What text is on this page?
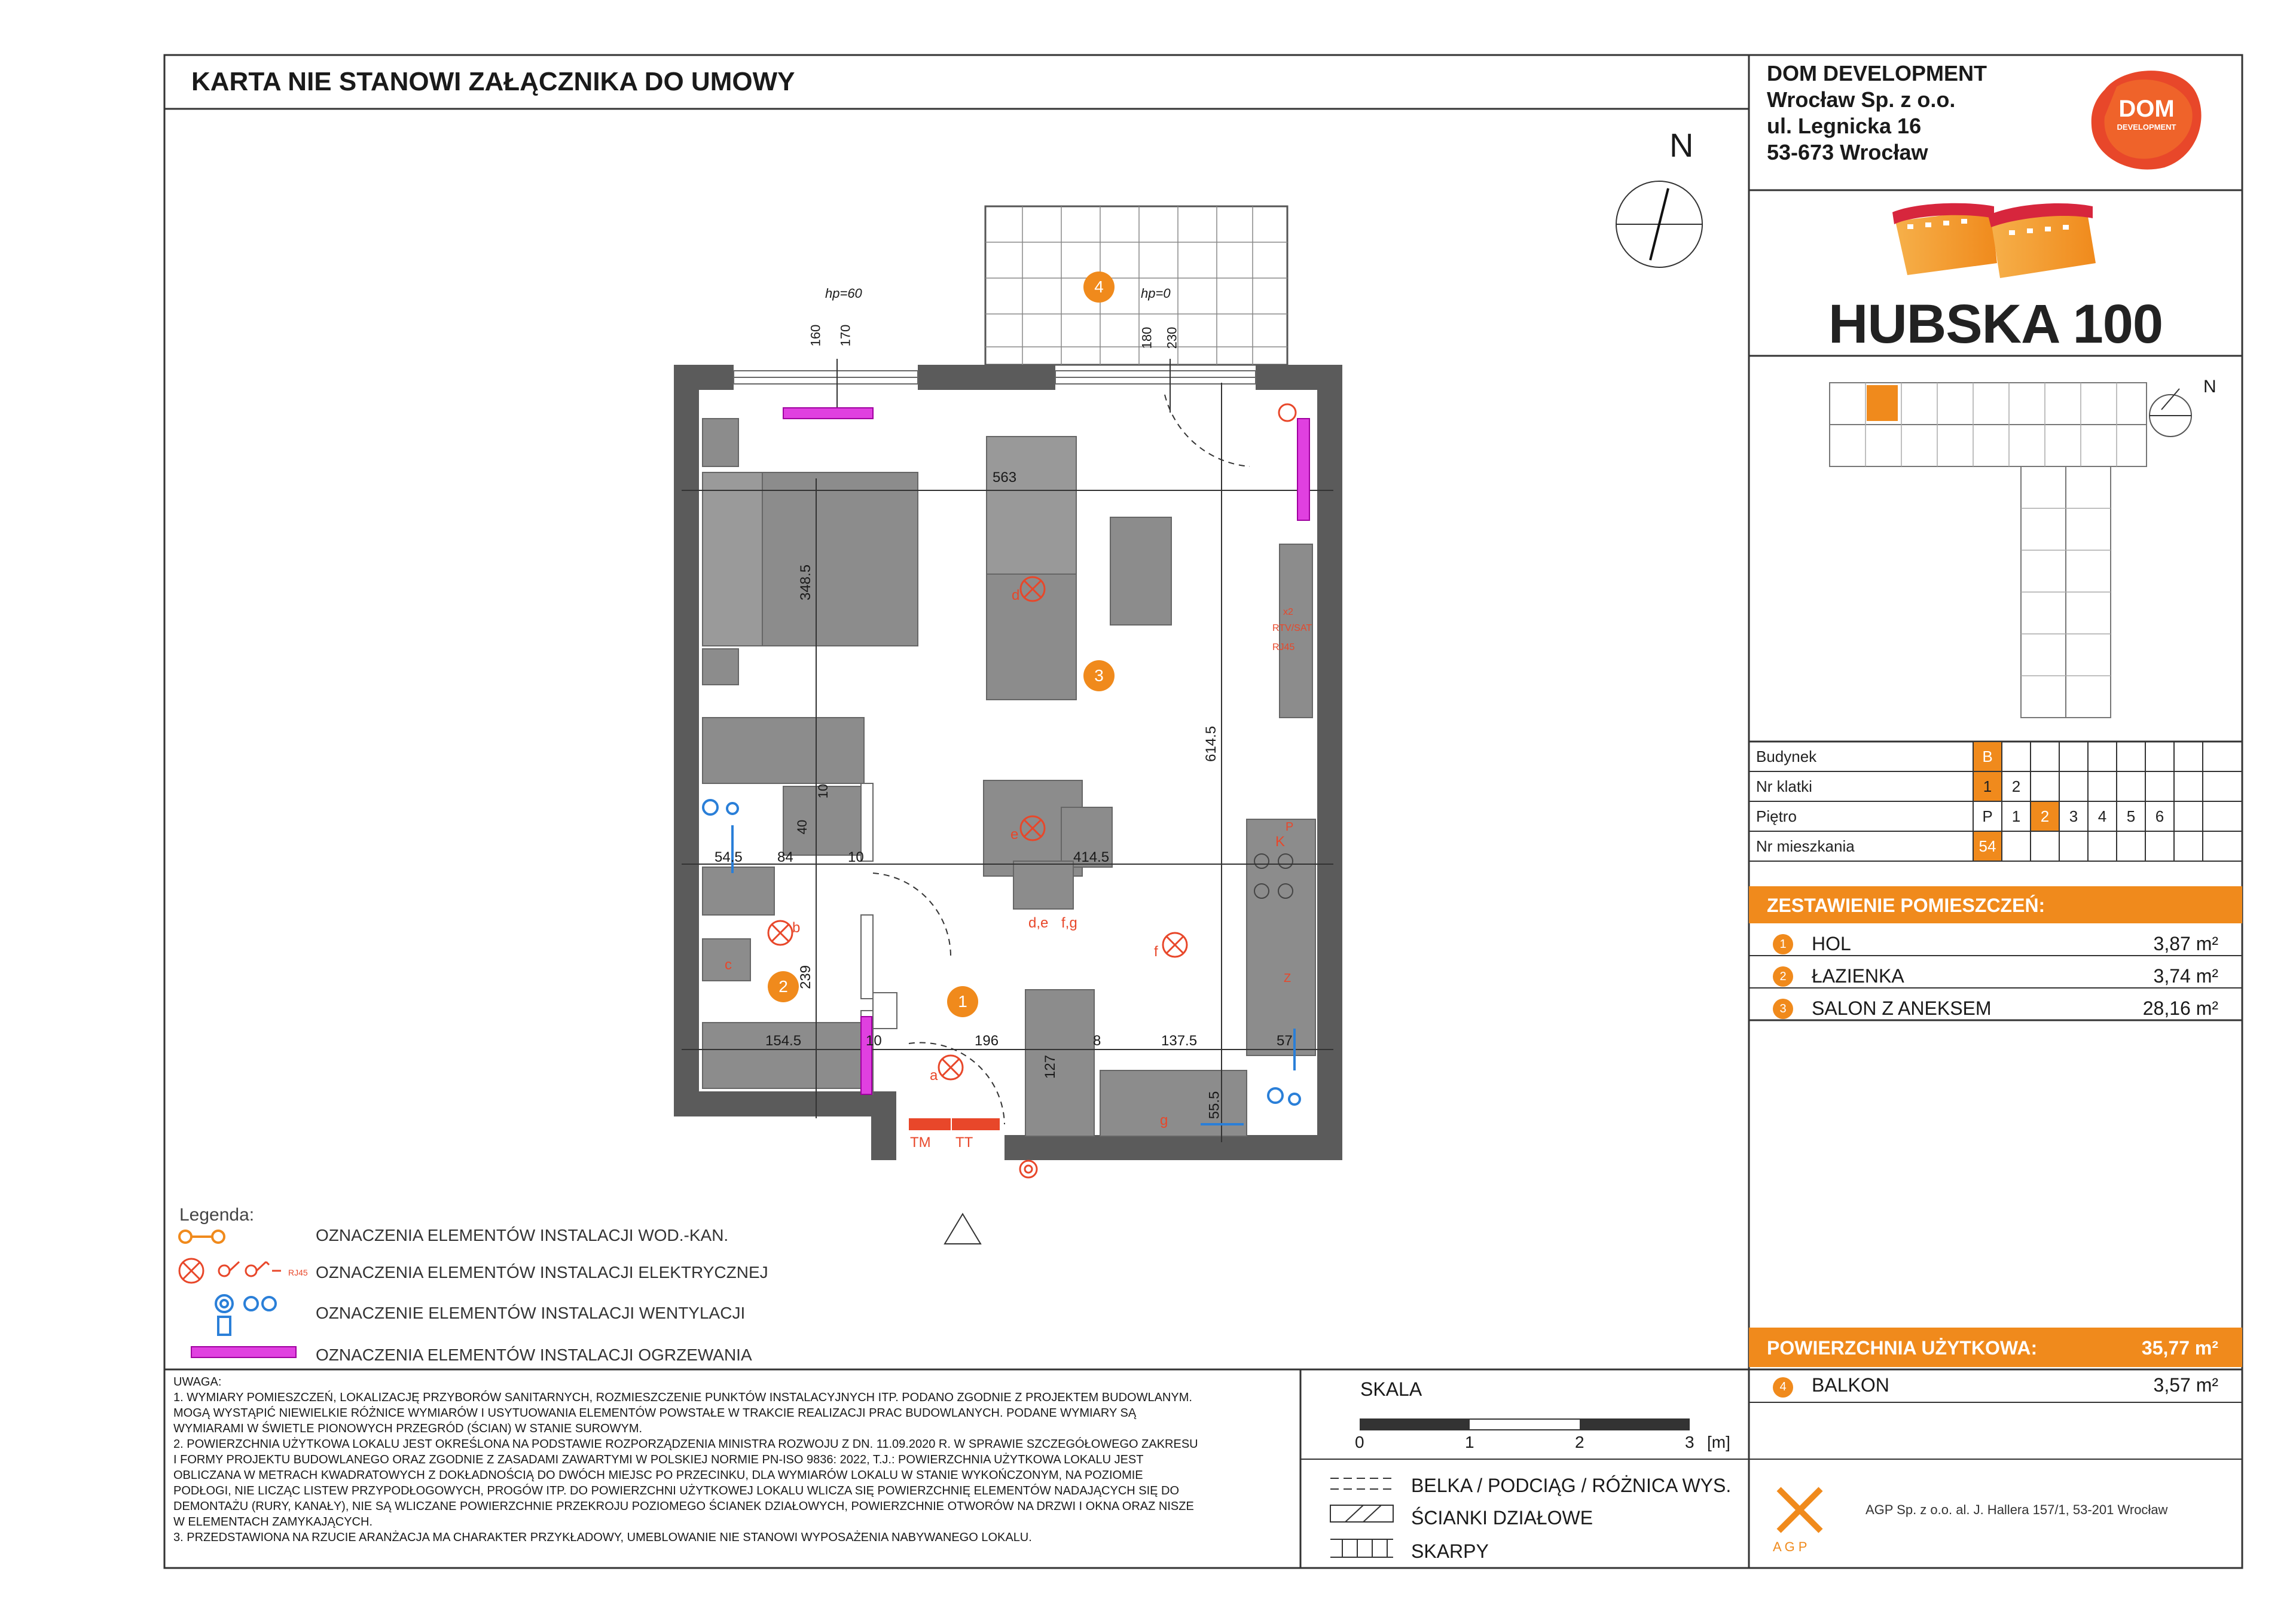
KARTA NIE STANOWI ZAŁĄCZNIKA DO UMOWY	DOM DEVELOPMENT
Wrocław Sp. z o.o.
ul. Legnicka 16
53-673 Wrocław
DOM
DEVELOPMENT
HUBSKA 100
N
Budynek	B
Nr klatki	1 2
Piętro	P 1 2 3 4 5 6
Nr mieszkania	54
ZESTAWIENIE POMIESZCZEŃ:
1 HOL	3,87 m²
2 ŁAZIENKA	3,74 m²
3 SALON Z ANEKSEM	28,16 m²
POWIERZCHNIA UŻYTKOWA:	35,77 m²
4 BALKON	3,57 m²
N
4
3
2
1
hp=60	hp=0
160 170	180 230
563
348.5
614.5
54.5 84	10	414.5
40
10
239
154.5	10	196	8	137.5	57
127
55.5
TM TT
RTV/SAT
RJ45
d
e
f
b
a
c
g
d,e f,g
K
Z
P
x2
Legenda:
RJ45
OZNACZENIA ELEMENTÓW INSTALACJI WOD.-KAN.
OZNACZENIA ELEMENTÓW INSTALACJI ELEKTRYCZNEJ
OZNACZENIE ELEMENTÓW INSTALACJI WENTYLACJI
OZNACZENIA ELEMENTÓW INSTALACJI OGRZEWANIA
UWAGA:
1. WYMIARY POMIESZCZEŃ, LOKALIZACJĘ PRZYBORÓW SANITARNYCH, ROZMIESZCZENIE PUNKTÓW INSTALACYJNYCH ITP. PODANO ZGODNIE Z PROJEKTEM BUDOWLANYM.
MOGĄ WYSTĄPIĆ NIEWIELKIE RÓŻNICE WYMIARÓW I USYTUOWANIA ELEMENTÓW POWSTAŁE W TRAKCIE REALIZACJI PRAC BUDOWLANYCH. PODANE WYMIARY SĄ
WYMIARAMI W ŚWIETLE PIONOWYCH PRZEGRÓD (ŚCIAN) W STANIE SUROWYM.
2. POWIERZCHNIA UŻYTKOWA LOKALU JEST OKREŚLONA NA PODSTAWIE ROZPORZĄDZENIA MINISTRA ROZWOJU Z DN. 11.09.2020 R. W SPRAWIE SZCZEGÓŁOWEGO ZAKRESU
I FORMY PROJEKTU BUDOWLANEGO ORAZ ZGODNIE Z ZASADAMI ZAWARTYMI W POLSKIEJ NORMIE PN-ISO 9836: 2022, T.J.: POWIERZCHNIA UŻYTKOWA LOKALU JEST
OBLICZANA W METRACH KWADRATOWYCH Z DOKŁADNOŚCIĄ DO DWÓCH MIEJSC PO PRZECINKU, DLA WYMIARÓW LOKALU W STANIE WYKOŃCZONYM, NA POZIOMIE
PODŁOGI, NIE LICZĄC LISTEW PRZYPODŁOGOWYCH, PROGÓW ITP. DO POWIERZCHNI UŻYTKOWEJ LOKALU WLICZA SIĘ POWIERZCHNIĘ ELEMENTÓW NADAJĄCYCH SIĘ DO
DEMONTAŻU (RURY, KANAŁY), NIE SĄ WLICZANE POWIERZCHNIE PRZEKROJU POZIOMEGO ŚCIANEK DZIAŁOWYCH, POWIERZCHNIE OTWORÓW NA DRZWI I OKNA ORAZ NISZE
W ELEMENTACH ZAMYKAJĄCYCH.
3. PRZEDSTAWIONA NA RZUCIE ARANŻACJA MA CHARAKTER PRZYKŁADOWY, UMEBLOWANIE NIE STANOWI WYPOSAŻENIA NABYWANEGO LOKALU.
SKALA
0	1	2	3 [m]
BELKA / PODCIĄG / RÓŻNICA WYS.
ŚCIANKI DZIAŁOWE
SKARPY	A G P
AGP Sp. z o.o. al. J. Hallera 157/1, 53-201 Wrocław
